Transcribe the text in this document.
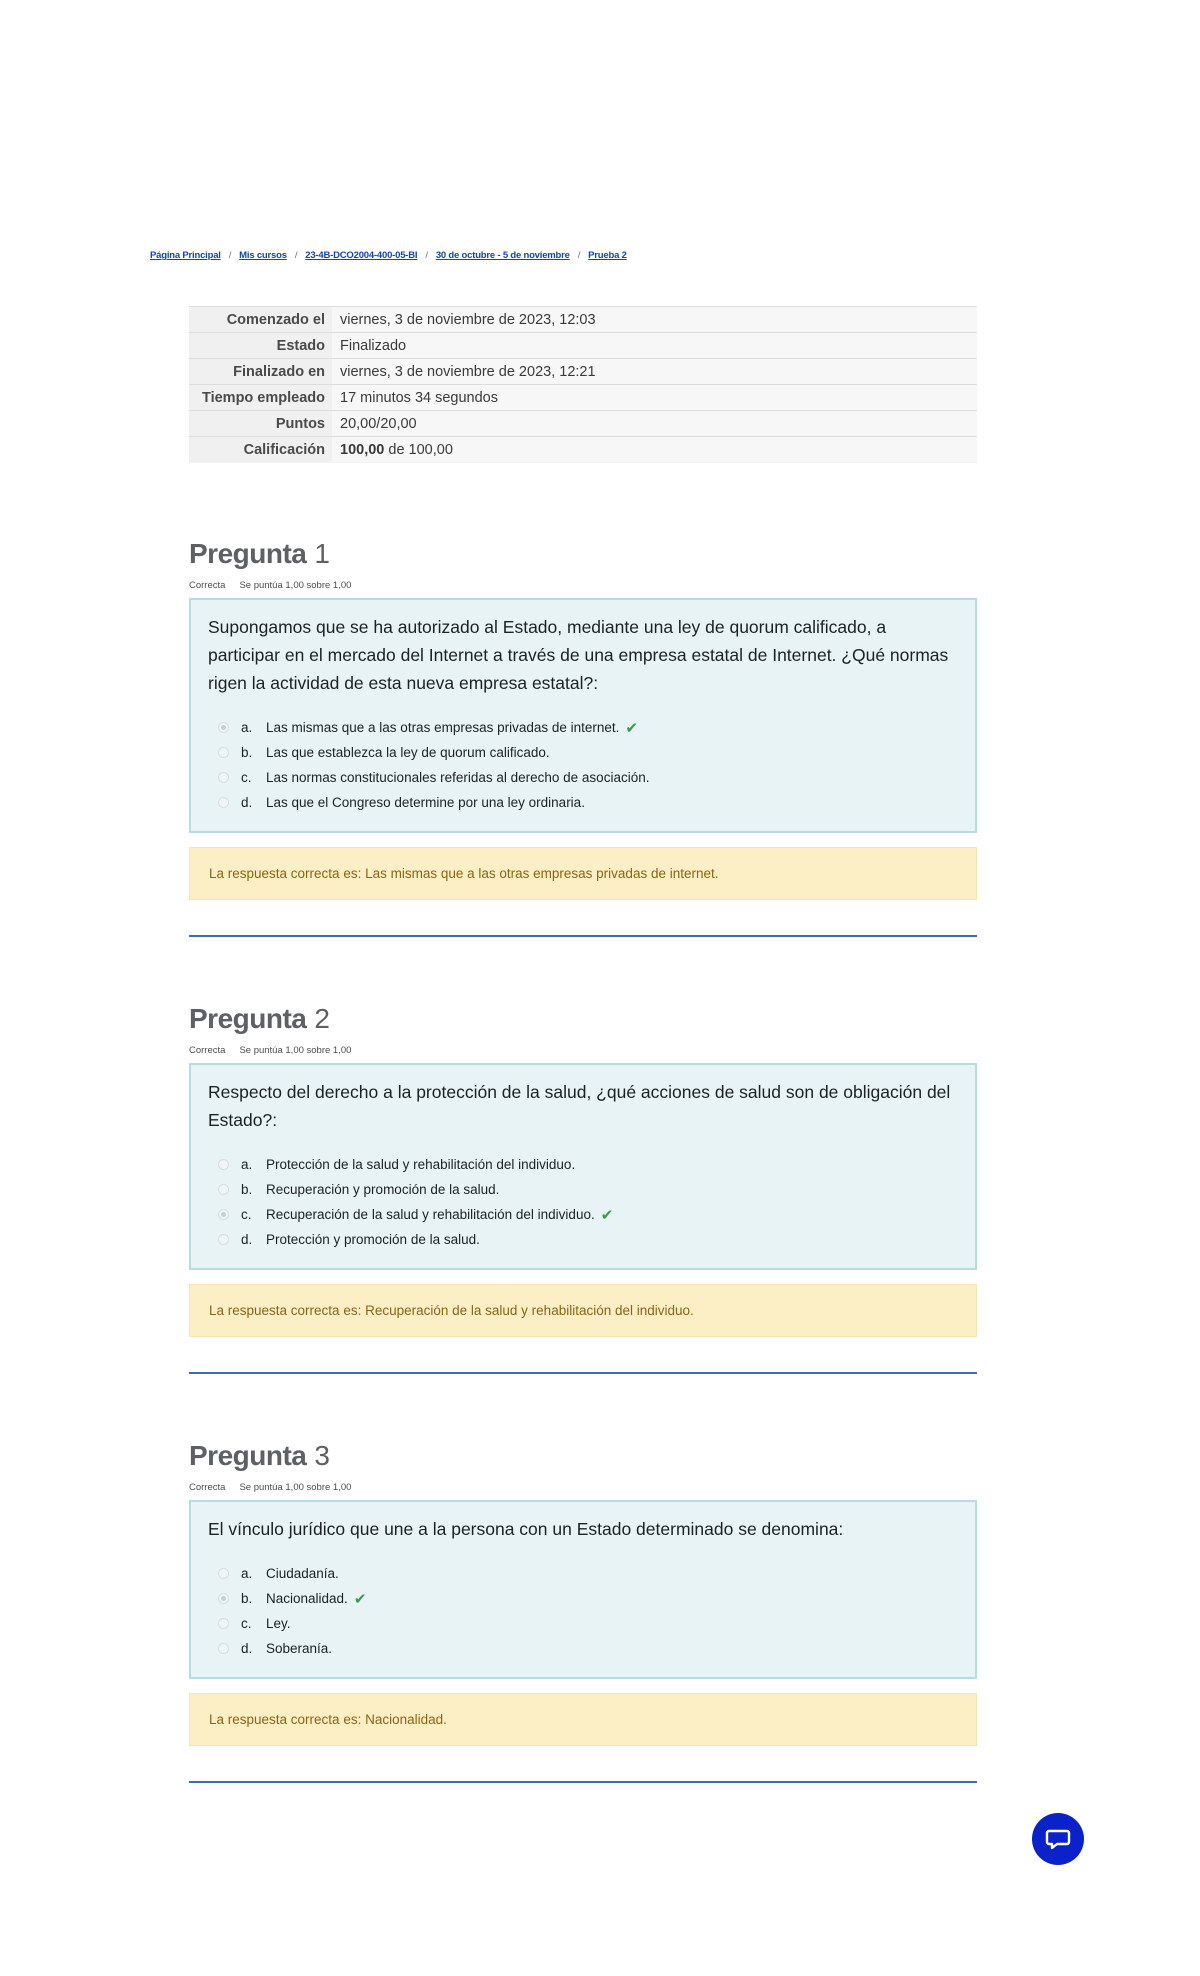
Página Principal / Mis cursos / 23-4B-DCO2004-400-05-BI / 30 de octubre - 5 de noviembre / Prueba 2
Comenzado el	viernes, 3 de noviembre de 2023, 12:03
Estado	Finalizado
Finalizado en	viernes, 3 de noviembre de 2023, 12:21
Tiempo empleado	17 minutos 34 segundos
Puntos	20,00/20,00
Calificación	100,00 de 100,00
Pregunta 1
Correcta Se puntúa 1,00 sobre 1,00
Supongamos que se ha autorizado al Estado, mediante una ley de quorum calificado, a participar en el mercado del Internet a través de una empresa estatal de Internet. ¿Qué normas rigen la actividad de esta nueva empresa estatal?:
a.	Las mismas que a las otras empresas privadas de internet. ✔
b.	Las que establezca la ley de quorum calificado.
c.	Las normas constitucionales referidas al derecho de asociación.
d.	Las que el Congreso determine por una ley ordinaria.
La respuesta correcta es: Las mismas que a las otras empresas privadas de internet.
Pregunta 2
Correcta Se puntúa 1,00 sobre 1,00
Respecto del derecho a la protección de la salud, ¿qué acciones de salud son de obligación del Estado?:
a.	Protección de la salud y rehabilitación del individuo.
b.	Recuperación y promoción de la salud.
c.	Recuperación de la salud y rehabilitación del individuo. ✔
d.	Protección y promoción de la salud.
La respuesta correcta es: Recuperación de la salud y rehabilitación del individuo.
Pregunta 3
Correcta Se puntúa 1,00 sobre 1,00
El vínculo jurídico que une a la persona con un Estado determinado se denomina:
a.	Ciudadanía.
b.	Nacionalidad. ✔
c.	Ley.
d.	Soberanía.
La respuesta correcta es: Nacionalidad.
